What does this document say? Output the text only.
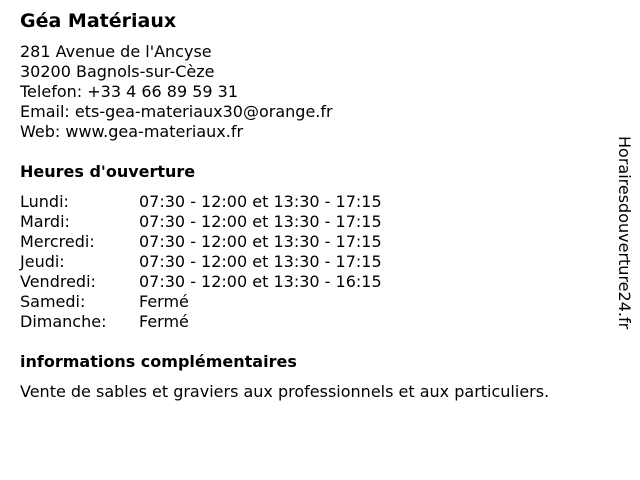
Géa Matériaux
281 Avenue de l'Ancyse
30200 Bagnols-sur-Cèze
Telefon: +33 4 66 89 59 31
Email: ets-gea-materiaux30@orange.fr
Web: www.gea-materiaux.fr
Heures d'ouverture
Lundi:	07:30 - 12:00 et 13:30 - 17:15
Mardi:	07:30 - 12:00 et 13:30 - 17:15
Mercredi:	07:30 - 12:00 et 13:30 - 17:15
Jeudi:	07:30 - 12:00 et 13:30 - 17:15
Vendredi:	07:30 - 12:00 et 13:30 - 16:15
Samedi:	Fermé
Dimanche:	Fermé
informations complémentaires
Vente de sables et graviers aux professionnels et aux particuliers.
Horairesdouverture24.fr
